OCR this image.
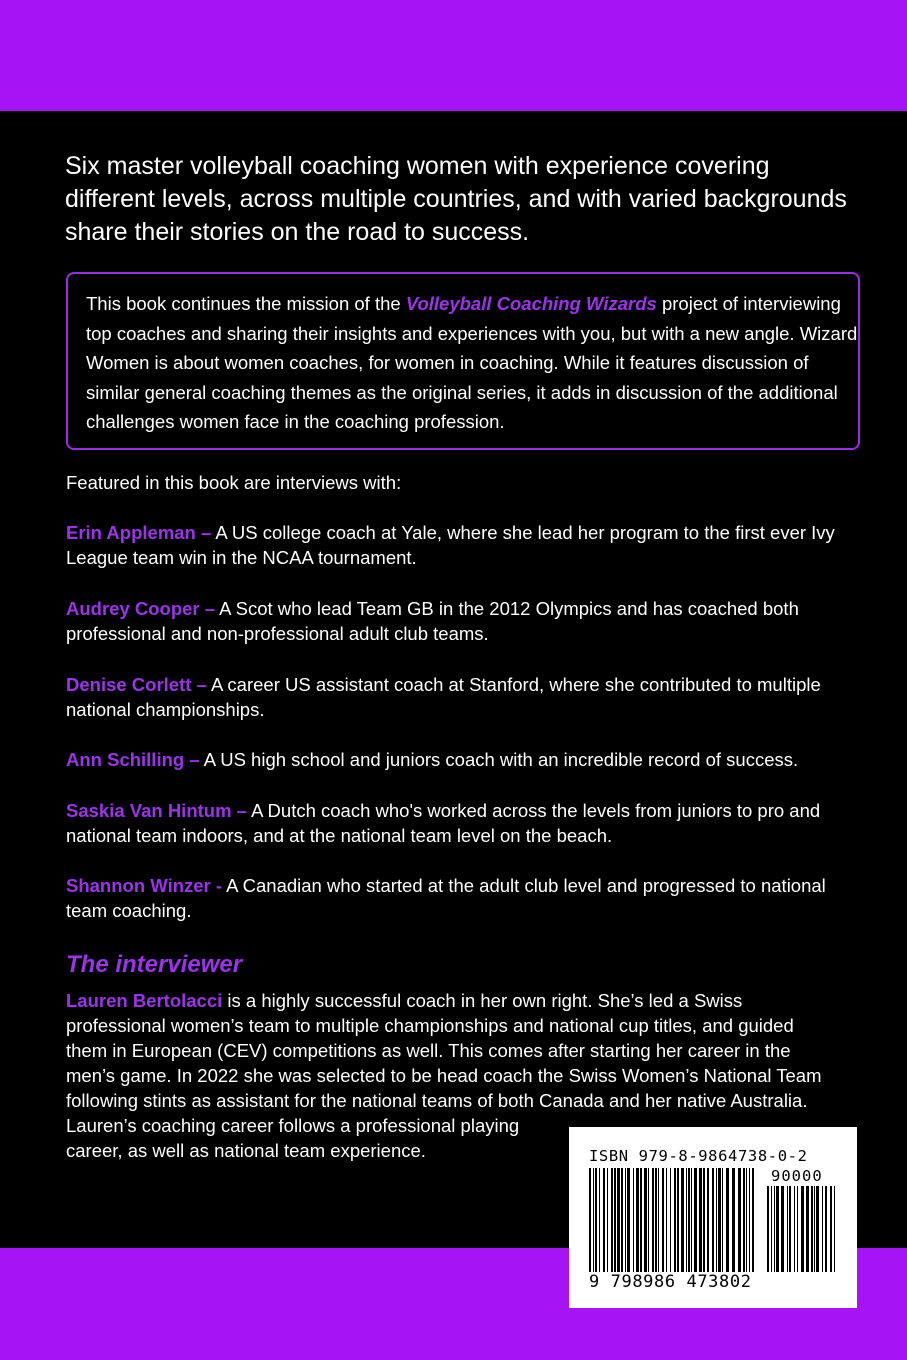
Six master volleyball coaching women with experience covering different levels, across multiple countries, and with varied backgrounds share their stories on the road to success.

This book continues the mission of the Volleyball Coaching Wizards project of interviewing top coaches and sharing their insights and experiences with you, but with a new angle. Wizard Women is about women coaches, for women in coaching. While it features discussion of similar general coaching themes as the original series, it adds in discussion of the additional challenges women face in the coaching profession.

Featured in this book are interviews with:

Erin Appleman – A US college coach at Yale, where she lead her program to the first ever Ivy League team win in the NCAA tournament.

Audrey Cooper – A Scot who lead Team GB in the 2012 Olympics and has coached both professional and non-professional adult club teams.

Denise Corlett – A career US assistant coach at Stanford, where she contributed to multiple national championships.

Ann Schilling – A US high school and juniors coach with an incredible record of success.

Saskia Van Hintum – A Dutch coach who's worked across the levels from juniors to pro and national team indoors, and at the national team level on the beach.

Shannon Winzer - A Canadian who started at the adult club level and progressed to national team coaching.

The interviewer

Lauren Bertolacci is a highly successful coach in her own right. She’s led a Swiss professional women’s team to multiple championships and national cup titles, and guided them in European (CEV) competitions as well. This comes after starting her career in the men’s game. In 2022 she was selected to be head coach the Swiss Women’s National Team following stints as assistant for the national teams of both Canada and her native Australia.
Lauren’s coaching career follows a professional playing career, as well as national team experience.	ISBN 979-8-9864738-0-2
90000
9 798986 473802
